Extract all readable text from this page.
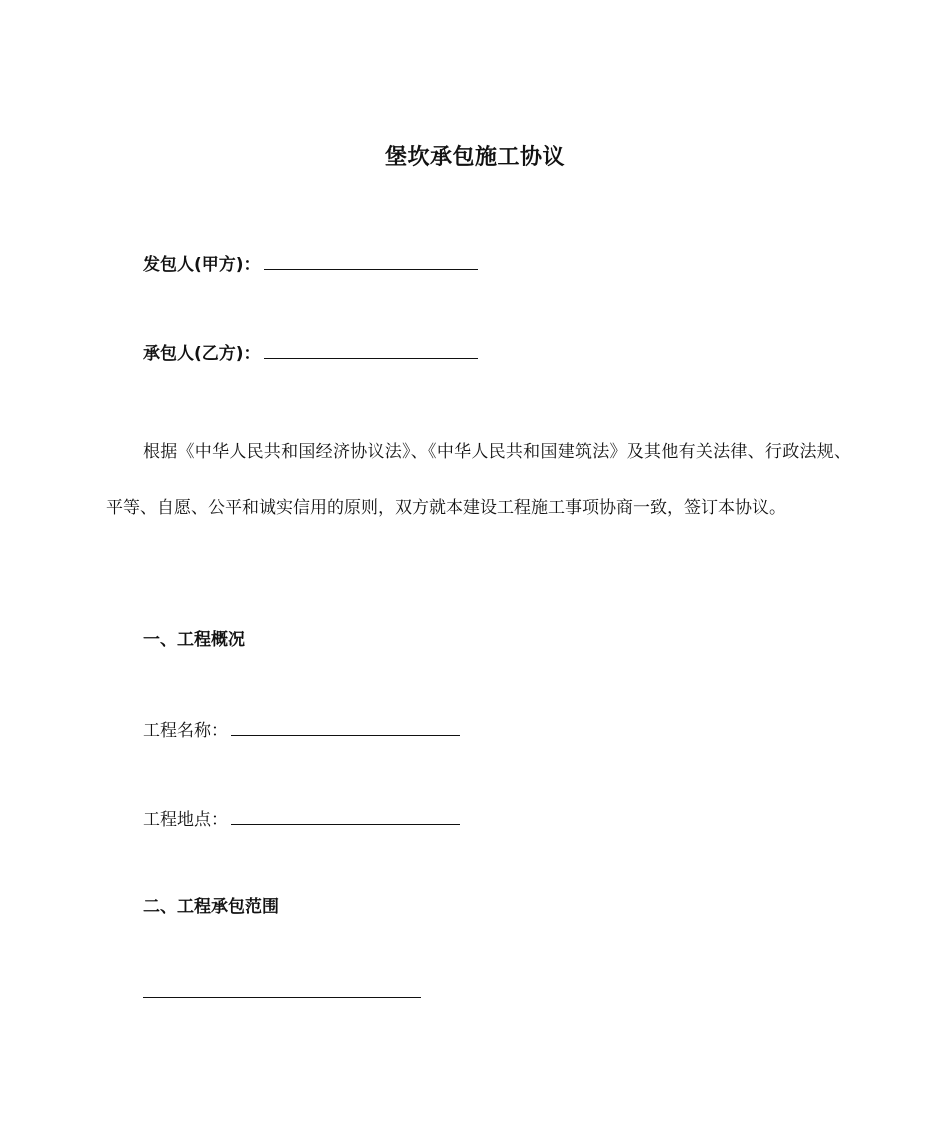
堡坎承包施工协议
发包人(甲方)：
承包人(乙方)：

根据《中华人民共和国经济协议法》、《中华人民共和国建筑法》及其他有关法律、行政法规、平等、自愿、公平和诚实信用的原则，双方就本建设工程施工事项协商一致，签订本协议。

一、工程概况
工程名称：
工程地点：
二、工程承包范围
